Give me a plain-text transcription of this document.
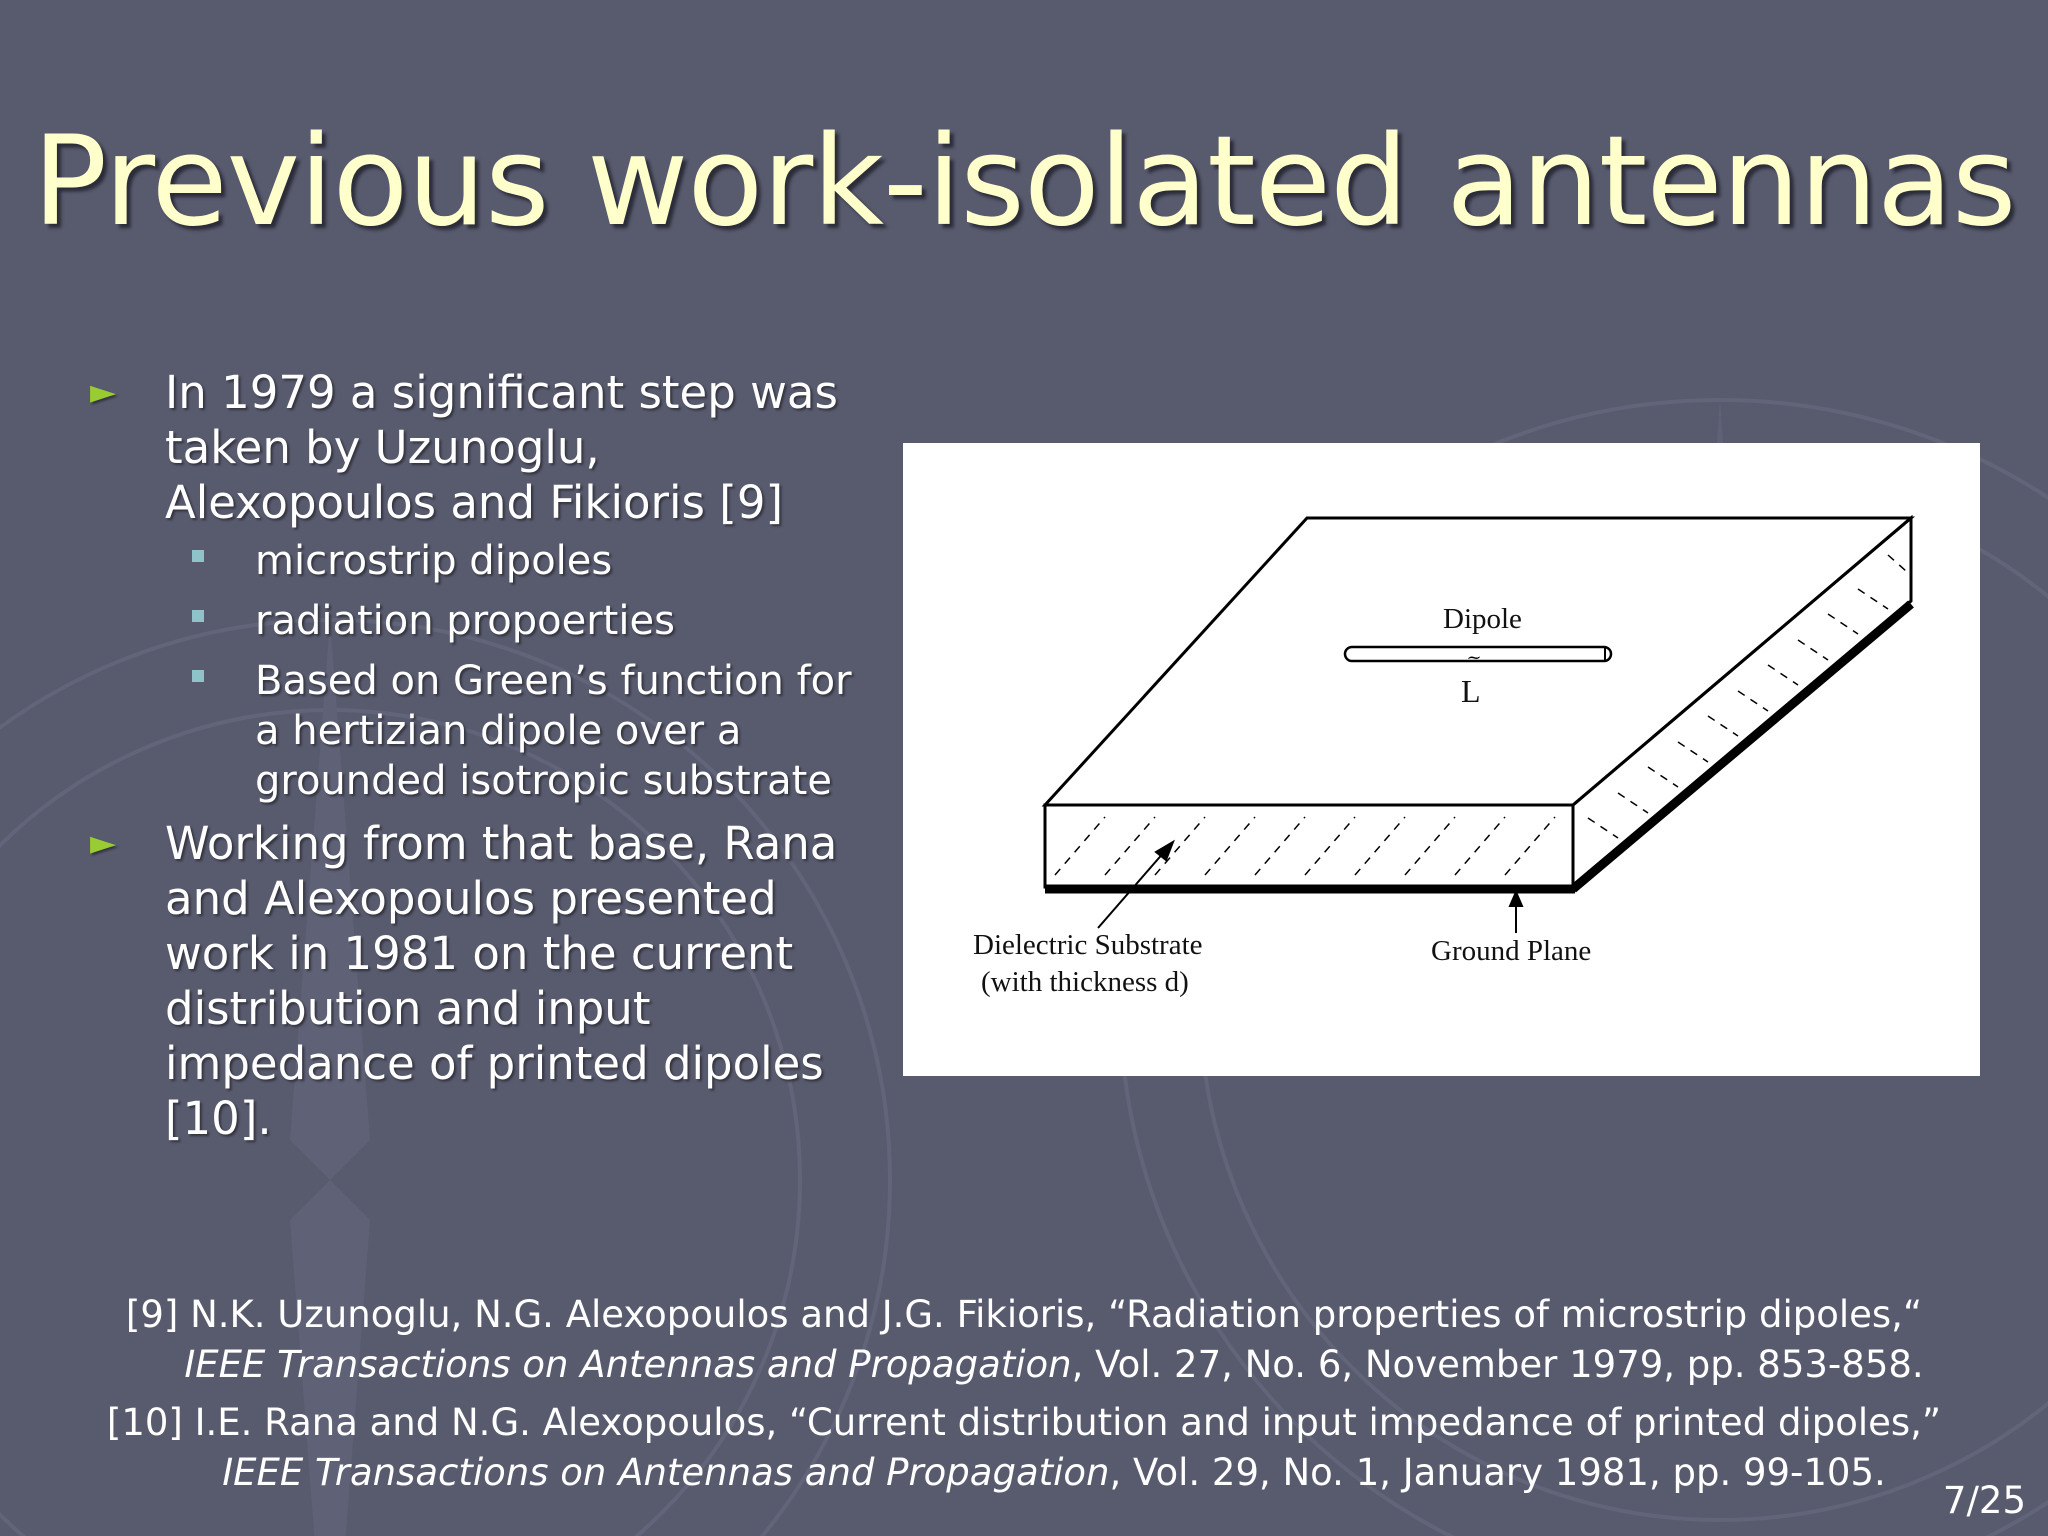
Previous work-isolated antennas
► In 1979 a significant step was taken by Uzunoglu, Alexopoulos and Fikioris [9]
microstrip dipoles
radiation propoerties
Based on Green’s function for a hertizian dipole over a grounded isotropic substrate
► Working from that base, Rana and Alexopoulos presented work in 1981 on the current distribution and input impedance of printed dipoles [10].
~
Dipole
L
Dielectric Substrate
(with thickness d)
Ground Plane
[9] N.K. Uzunoglu, N.G. Alexopoulos and J.G. Fikioris, “Radiation properties of microstrip dipoles,“
IEEE Transactions on Antennas and Propagation, Vol. 27, No. 6, November 1979, pp. 853-858.
[10] I.E. Rana and N.G. Alexopoulos, “Current distribution and input impedance of printed dipoles,”
IEEE Transactions on Antennas and Propagation, Vol. 29, No. 1, January 1981, pp. 99-105.
7/25
